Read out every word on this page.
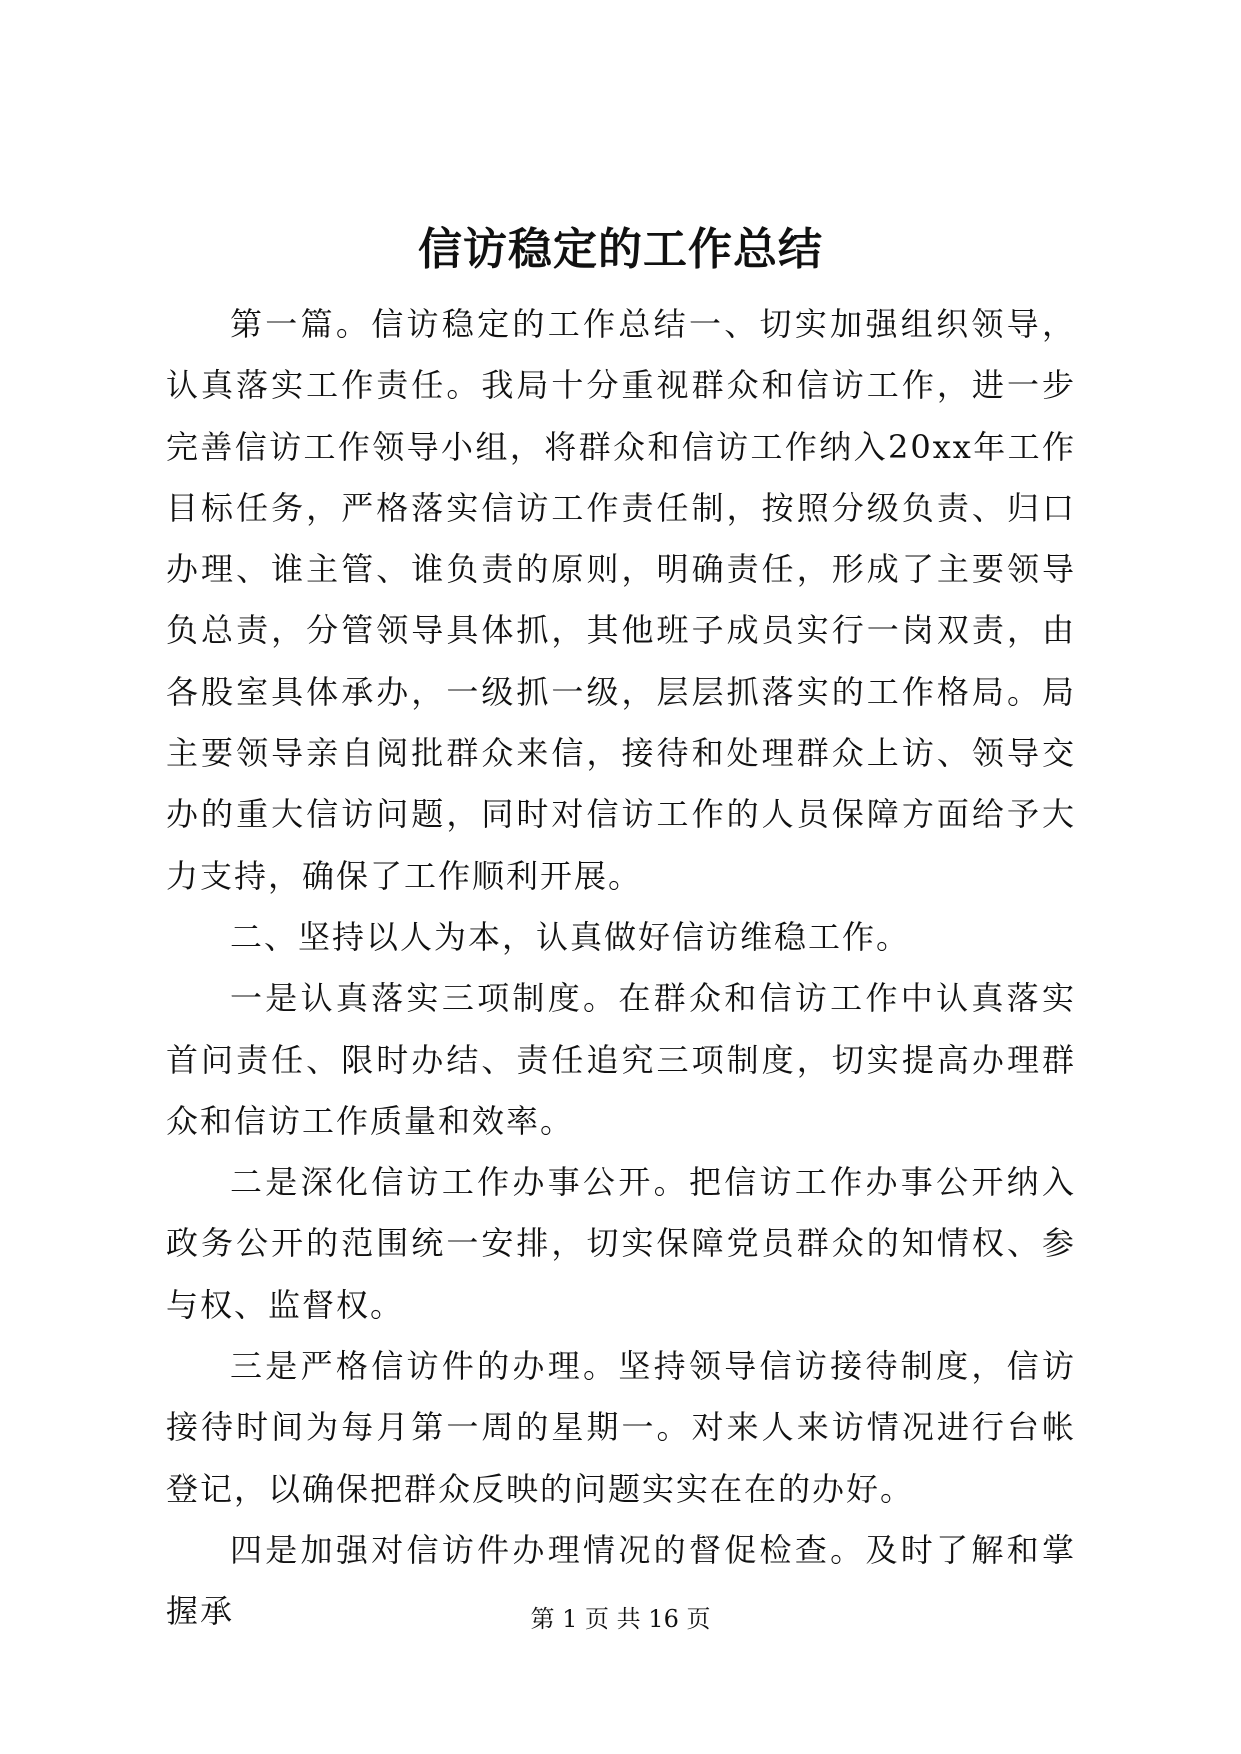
信访稳定的工作总结

第一篇。信访稳定的工作总结一、切实加强组织领导，认真落实工作责任。我局十分重视群众和信访工作，进一步完善信访工作领导小组，将群众和信访工作纳入20xx年工作目标任务，严格落实信访工作责任制，按照分级负责、归口办理、谁主管、谁负责的原则，明确责任，形成了主要领导负总责，分管领导具体抓，其他班子成员实行一岗双责，由各股室具体承办，一级抓一级，层层抓落实的工作格局。局主要领导亲自阅批群众来信，接待和处理群众上访、领导交办的重大信访问题，同时对信访工作的人员保障方面给予大力支持，确保了工作顺利开展。

二、坚持以人为本，认真做好信访维稳工作。

一是认真落实三项制度。在群众和信访工作中认真落实首问责任、限时办结、责任追究三项制度，切实提高办理群众和信访工作质量和效率。

二是深化信访工作办事公开。把信访工作办事公开纳入政务公开的范围统一安排，切实保障党员群众的知情权、参与权、监督权。

三是严格信访件的办理。坚持领导信访接待制度，信访接待时间为每月第一周的星期一。对来人来访情况进行台帐登记，以确保把群众反映的问题实实在在的办好。

四是加强对信访件办理情况的督促检查。及时了解和掌握承	第 1 页 共 16 页
